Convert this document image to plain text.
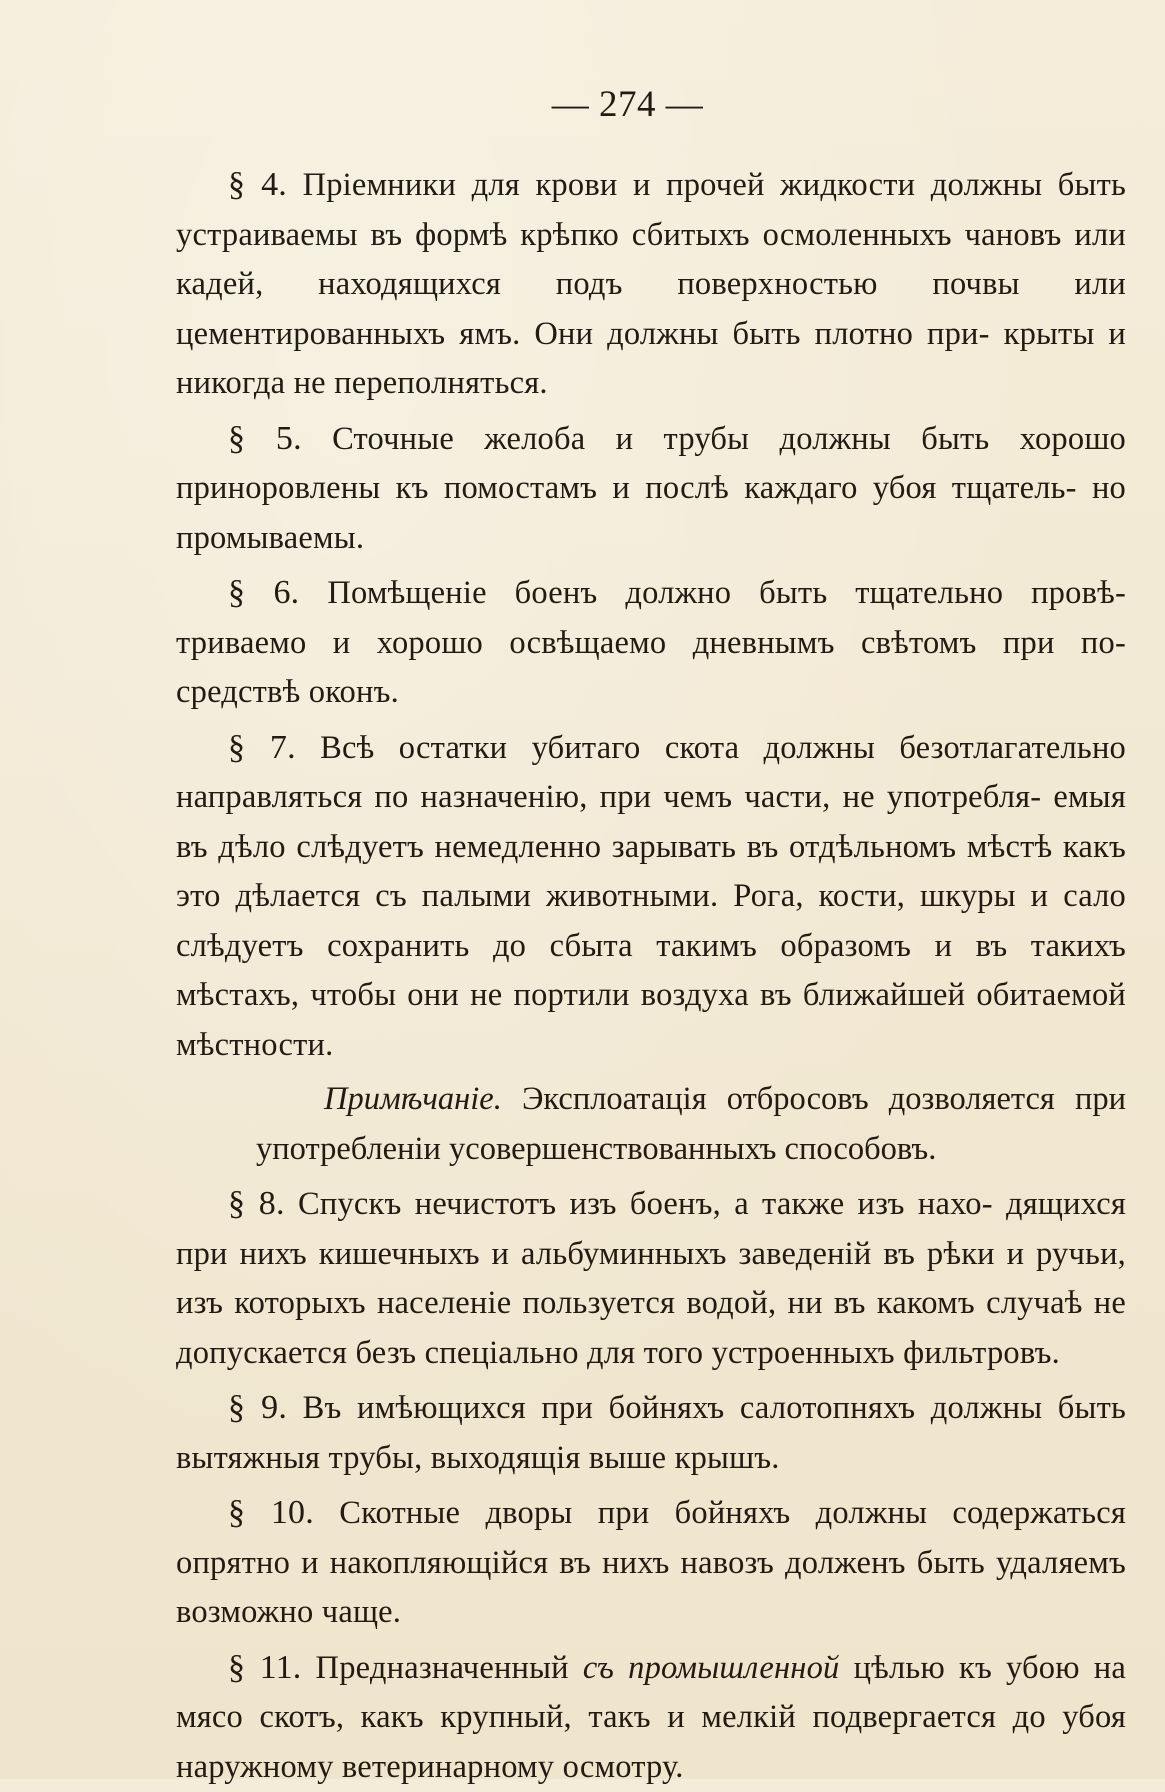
— 274 —

§ 4. Пріемники для крови и прочей жидкости должны быть устраиваемы въ формѣ крѣпко сбитыхъ осмоленныхъ чановъ или кадей, находящихся подъ поверхностью почвы или цементированныхъ ямъ. Они должны быть плотно при- крыты и никогда не переполняться.

§ 5. Сточные желоба и трубы должны быть хорошо приноровлены къ помостамъ и послѣ каждаго убоя тщатель- но промываемы.

§ 6. Помѣщеніе боенъ должно быть тщательно провѣ- триваемо и хорошо освѣщаемо дневнымъ свѣтомъ при по- средствѣ оконъ.

§ 7. Всѣ остатки убитаго скота должны безотлагательно направляться по назначенію, при чемъ части, не употребля- емыя въ дѣло слѣдуетъ немедленно зарывать въ отдѣльномъ мѣстѣ какъ это дѣлается съ палыми животными. Рога, кости, шкуры и сало слѣдуетъ сохранить до сбыта такимъ образомъ и въ такихъ мѣстахъ, чтобы они не портили воздуха въ ближайшей обитаемой мѣстности.

Примѣчаніе. Эксплоатація отбросовъ дозволяется при употребленіи усовершенствованныхъ способовъ.

§ 8. Спускъ нечистотъ изъ боенъ, а также изъ нахо- дящихся при нихъ кишечныхъ и альбуминныхъ заведеній въ рѣки и ручьи, изъ которыхъ населеніе пользуется водой, ни въ какомъ случаѣ не допускается безъ спеціально для того устроенныхъ фильтровъ.

§ 9. Въ имѣющихся при бойняхъ салотопняхъ должны быть вытяжныя трубы, выходящія выше крышъ.

§ 10. Скотные дворы при бойняхъ должны содержаться опрятно и накопляющійся въ нихъ навозъ долженъ быть удаляемъ возможно чаще.

§ 11. Предназначенный съ промышленной цѣлью къ убою на мясо скотъ, какъ крупный, такъ и мелкій подвергается до убоя наружному ветеринарному осмотру.
